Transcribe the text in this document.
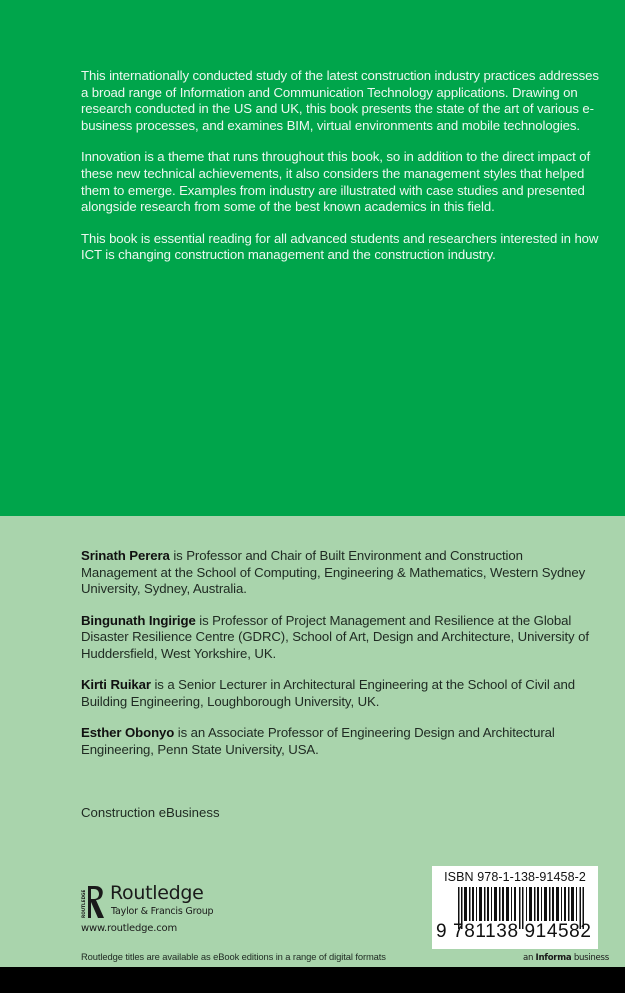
This internationally conducted study of the latest construction industry practices addresses a broad range of Information and Communication Technology applications. Drawing on research conducted in the US and UK, this book presents the state of the art of various e-business processes, and examines BIM, virtual environments and mobile technologies.

Innovation is a theme that runs throughout this book, so in addition to the direct impact of these new technical achievements, it also considers the management styles that helped them to emerge. Examples from industry are illustrated with case studies and presented alongside research from some of the best known academics in this field.

This book is essential reading for all advanced students and researchers interested in how ICT is changing construction management and the construction industry.

Srinath Perera is Professor and Chair of Built Environment and Construction Management at the School of Computing, Engineering & Mathematics, Western Sydney University, Sydney, Australia.

Bingunath Ingirige is Professor of Project Management and Resilience at the Global Disaster Resilience Centre (GDRC), School of Art, Design and Architecture, University of Huddersfield, West Yorkshire, UK.

Kirti Ruikar is a Senior Lecturer in Architectural Engineering at the School of Civil and Building Engineering, Loughborough University, UK.

Esther Obonyo is an Associate Professor of Engineering Design and Architectural Engineering, Penn State University, USA.

Construction eBusiness
ROUTLEDGE Routledge
Taylor & Francis Group
www.routledge.com
Routledge titles are available as eBook editions in a range of digital formats
ISBN 978-1-138-91458-2
9 781138 914582
an Informa business
